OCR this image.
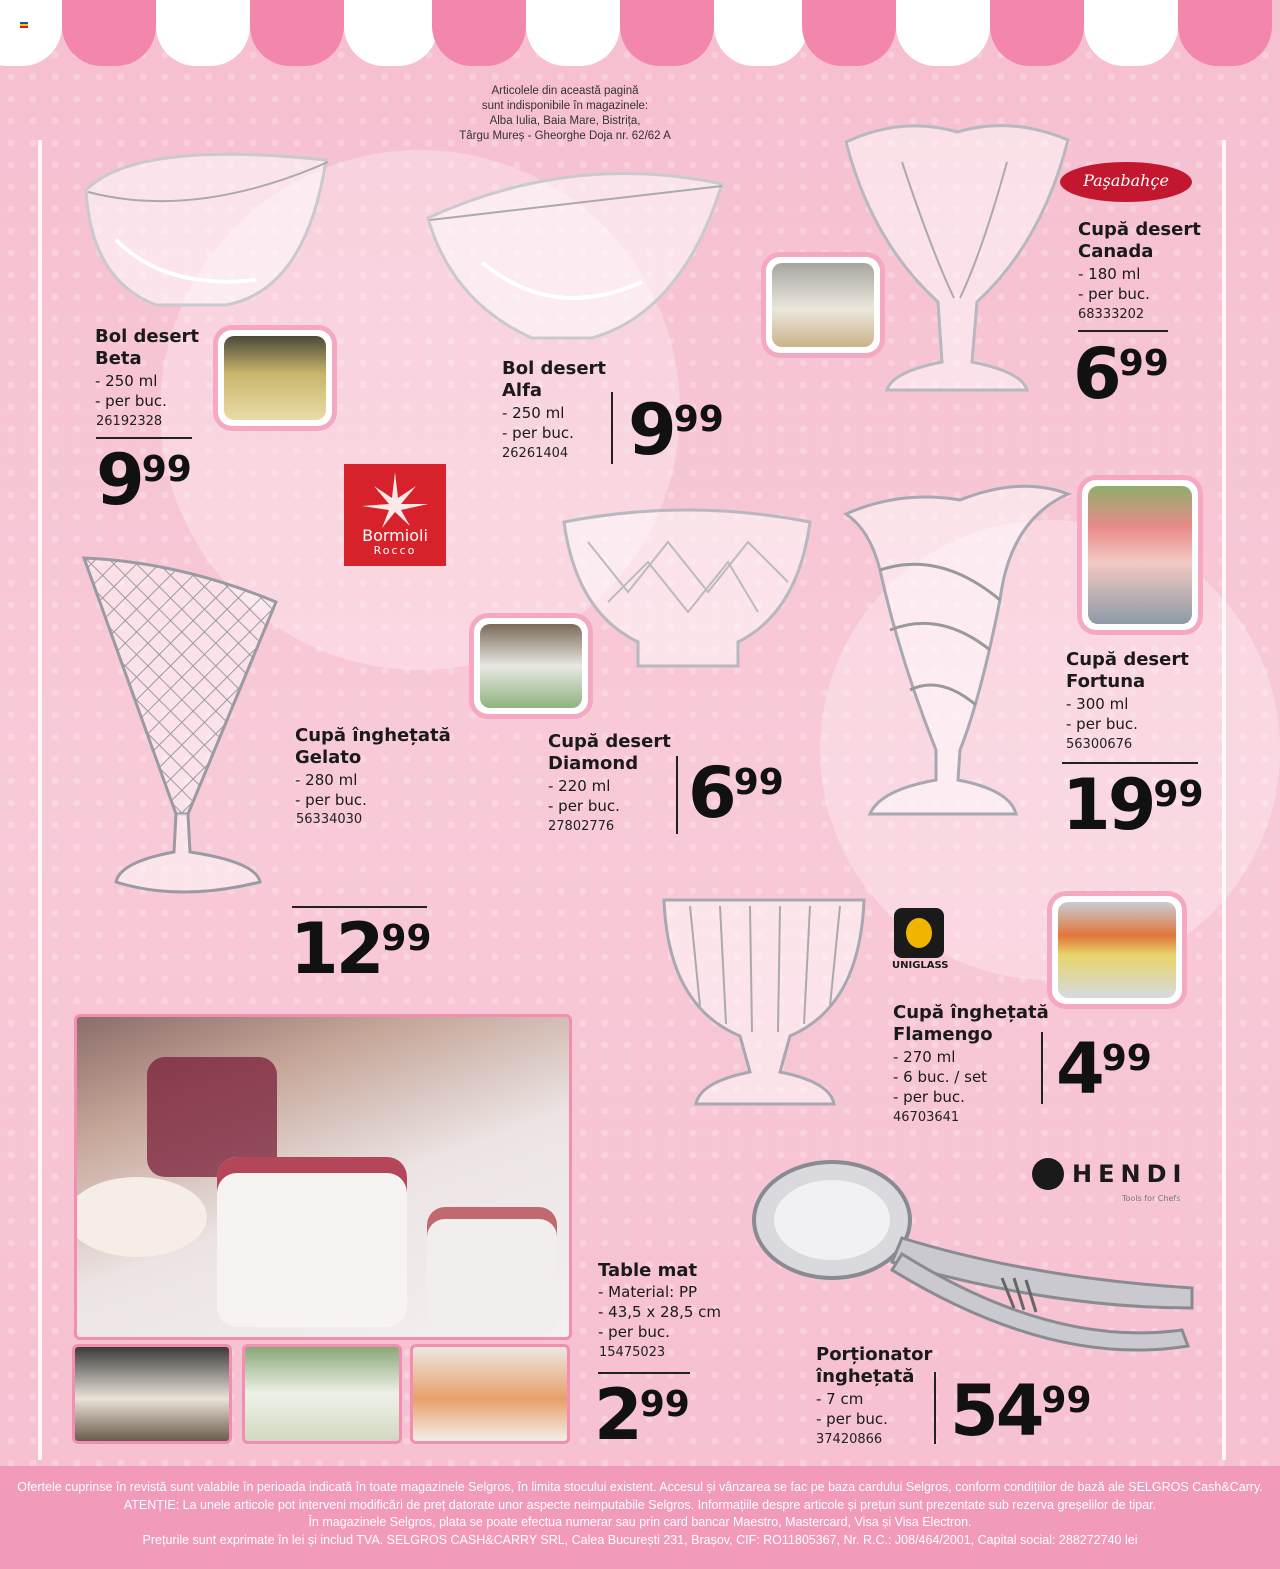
Articolele din această pagină
sunt indisponibile în magazinele:
Alba Iulia, Baia Mare, Bistrița,
Târgu Mureș - Gheorghe Doja nr. 62/62 A
Bol desert
Beta
- 250 ml
- per buc.
26192328
999
Bol desert
Alfa
- 250 ml
- per buc.
26261404 999
Paşabahçe
Cupă desert
Canada
- 180 ml
- per buc.
68333202
699
Bormioli
Rocco
Cupă înghețată
Gelato
- 280 ml
- per buc.
56334030
1299
Cupă desert
Diamond
- 220 ml
- per buc.
27802776 699
Cupă desert
Fortuna
- 300 ml
- per buc.
56300676
1999
UNIGLASS
Cupă înghețată
Flamengo
- 270 ml
- 6 buc. / set
- per buc.
46703641
499
Table mat
- Material: PP
- 43,5 x 28,5 cm
- per buc.
15475023
299
HENDI
Tools for Chefs
Porționator
înghețată
- 7 cm
- per buc.
37420866 5499

Ofertele cuprinse în revistă sunt valabile în perioada indicată în toate magazinele Selgros, în limita stocului existent. Accesul și vânzarea se fac pe baza cardului Selgros, conform condițiilor de bază ale SELGROS Cash&Carry.

ATENȚIE: La unele articole pot interveni modificări de preț datorate unor aspecte neimputabile Selgros. Informațiile despre articole și prețuri sunt prezentate sub rezerva greșelilor de tipar.

În magazinele Selgros, plata se poate efectua numerar sau prin card bancar Maestro, Mastercard, Visa și Visa Electron.

Prețurile sunt exprimate în lei și includ TVA. SELGROS CASH&CARRY SRL, Calea București 231, Brașov, CIF: RO11805367, Nr. R.C.: J08/464/2001, Capital social: 288272740 lei
